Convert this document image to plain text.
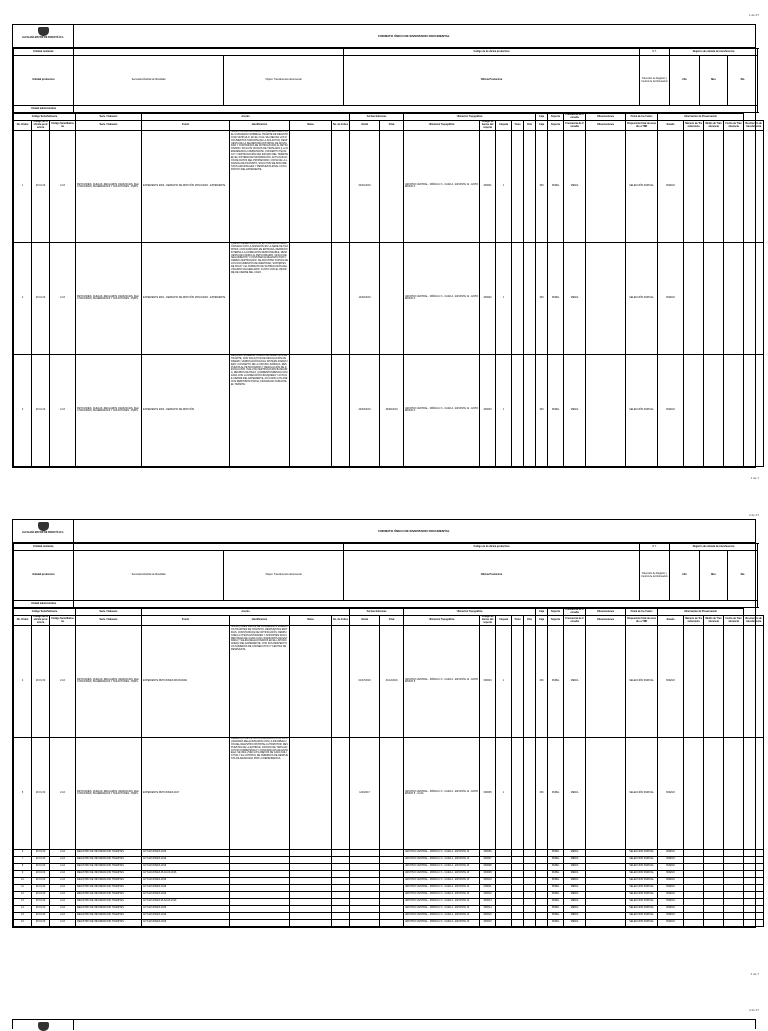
1 de 67
ALCALDÍA MAYOR DE BOGOTÁ D.C.	FORMATO ÚNICO DE INVENTARIO DOCUMENTAL
Entidad remitente			Código de la oficina productora	N.T.	Registro de entrada de transferencia			
Entidad productora	Secretaría Distrital de Movilidad	Objeto: Transferencia documental	Oficina Productora	Dirección de Registro y Control de la Información	Año	Mes	Día	
Unidad administrativa								
Código Serie/Subserie			Serie / Subserie	Asunto				Fechas Extremas		Ubicación Topográfica					Caja	Soporte	Frecuencia de Consulta	Observaciones	Firma de los Folios	Información de Preservación				
No. Orden	Código de la oficina productora	Código Serie/Subserie	Serie / Subserie	Fondo	Identificación	Notas	No. de Folios	Inicial	Final	Ubicación Topográfica	Código de barras del soporte	Carpeta	Tomo	Otro	Caja	Soporte	Frecuencia de Consulta	Observaciones	Disposición final de acuerdo a TRD	Estado	Número de Transferencia	Medio de Transferencia	Fecha de Transferencia	Resolución de transferencia
1	29 01 00	2-16	PETICIONES, QUEJAS, RECLAMOS, DENUNCIAS, FELICITACIONES, SUGERENCIAS Y SOLICITUDES - PQRS	EXPEDIENTE 0000 - DERECHO DE PETICIÓN MOVILIDAD - EXPEDIENTE	SOLICITUD DE INFORMACIÓN PRESENTADA POR EL CIUDADANO SOBRE EL TRÁMITE DE REGISTRO DE VEHÍCULO, EN EL CUAL SE ANEXAN LOS DOCUMENTOS SOPORTE DE LA SOLICITUD, RESPUESTA DE LA SECRETARÍA DISTRITAL DE MOVILIDAD Y CONSTANCIA DE NOTIFICACIÓN AL PETICIONARIO. INCLUYE OFICIOS DE TRASLADO A LA DEPENDENCIA COMPETENTE, CONCEPTO TÉCNICO Y CERTIFICACIÓN DEL ESTADO DEL TRÁMITE EN EL SISTEMA DE INFORMACIÓN, ACTUALIZACIÓN DE DATOS DEL PROPIETARIO, COPIA DE LA LICENCIA DE TRÁNSITO, SOLICITUD DE DOCUMENTOS ADICIONALES Y RESPUESTA FINAL CON ARCHIVO DEL EXPEDIENTE.			02/01/2019		ARCHIVO CENTRAL - MÓDULO 3 - CARA A - ESTANTE 12 - ENTREPAÑO 4	000001	1			345	PAPEL	MEDIA		SELECCIÓN PARCIAL	BUENO				
2	29 01 00	2-16	PETICIONES, QUEJAS, RECLAMOS, DENUNCIAS, FELICITACIONES, SUGERENCIAS Y SOLICITUDES - PQRS	EXPEDIENTE 0001 - DERECHO DE PETICIÓN MOVILIDAD - EXPEDIENTE	QUEJA PRESENTADA POR EL CIUDADANO RELACIONADA CON LA ATENCIÓN EN LA SEDE DE TRÁMITES, CON RADICADO DE ENTRADA, REMISIÓN INTERNA A LA DIRECCIÓN RESPONSABLE, RESPUESTA DE FONDO AL PETICIONARIO, OFICIO DE SEGUIMIENTO Y CONSTANCIA DE ENVÍO POR CORREO CERTIFICADO. SE ADJUNTAN COPIAS DE LOS DOCUMENTOS DE IDENTIDAD, SOPORTES DE PAGO Y EL FORMATO DE SATISFACCIÓN DEL USUARIO DILIGENCIADO, JUNTO CON EL INFORME DE CIERRE DEL CASO.			14/02/2019		ARCHIVO CENTRAL - MÓDULO 3 - CARA A - ESTANTE 12 - ENTREPAÑO 4	000002	1			345	PAPEL	MEDIA		SELECCIÓN PARCIAL	BUENO				
3	29 01 00	2-16	PETICIONES, QUEJAS, RECLAMOS, DENUNCIAS, FELICITACIONES, SUGERENCIAS Y SOLICITUDES - PQRS	EXPEDIENTE 0002 - DERECHO DE PETICIÓN	RECLAMO SOBRE EL COBRO DE DERECHOS DE TRÁMITE, CON SOLICITUD DE DEVOLUCIÓN DE DINERO, VERIFICACIÓN EN EL SISTEMA FINANCIERO, CONCEPTO DE LA OFICINA JURÍDICA, RESPUESTA AL PETICIONARIO Y RESOLUCIÓN DE DEVOLUCIÓN. INCLUYE CERTIFICACIÓN BANCARIA, RECIBOS DE PAGO, CORRESPONDENCIA CRUZADA CON LA DIRECCIÓN FINANCIERA Y ACTA DE CIERRE DEL EXPEDIENTE, ASÍ COMO LOS ANEXOS REMITIDOS POR EL CIUDADANO DURANTE EL TRÁMITE.			20/03/2019	30/06/2019	ARCHIVO CENTRAL - MÓDULO 3 - CARA A - ESTANTE 12 - ENTREPAÑO 4	000003	1			345	PAPEL	MEDIA		SELECCIÓN PARCIAL	BUENO				
1 de 7
2 de 67
ALCALDÍA MAYOR DE BOGOTÁ D.C.	FORMATO ÚNICO DE INVENTARIO DOCUMENTAL
Entidad remitente			Código de la oficina productora	N.T.	Registro de entrada de transferencia			
Entidad productora	Secretaría Distrital de Movilidad	Objeto: Transferencia documental	Oficina Productora	Dirección de Registro y Control de la Información	Año	Mes	Día	
Unidad administrativa								
Código Serie/Subserie			Serie / Subserie	Asunto				Fechas Extremas		Ubicación Topográfica					Caja	Soporte	Frecuencia de Consulta	Observaciones	Firma de los Folios	Información de Preservación				
No. Orden	Código de la oficina productora	Código Serie/Subserie	Serie / Subserie	Fondo	Identificación	Notas	No. de Folios	Inicial	Final	Ubicación Topográfica	Código de barras del soporte	Carpeta	Tomo	Otro	Caja	Soporte	Frecuencia de Consulta	Observaciones	Disposición final de acuerdo a TRD	Estado	Número de Transferencia	Medio de Transferencia	Fecha de Transferencia	Resolución de transferencia
4	29 01 00	2-16	PETICIONES, QUEJAS, RECLAMOS, DENUNCIAS, FELICITACIONES, SUGERENCIAS Y SOLICITUDES - PQRS	EXPEDIENTE PETICIONES MOVILIDAD	SOLICITUDES VARIAS DE CIUDADANOS SOBRE LOS TRÁMITES DE TRÁNSITO, RESPUESTAS EMITIDAS, CONSTANCIAS DE NOTIFICACIÓN, REMISIONES A OTRAS ENTIDADES Y SOPORTES DOCUMENTALES DE CADA CASO. RADICADOS DE ENTRADA Y SALIDA RELACIONADOS EN EL LISTADO ANEXO DEL EXPEDIENTE, CON SUS RESPECTIVOS NÚMEROS DE CONSECUTIVO Y FECHAS DE RESPUESTA.			01/07/2019	31/12/2019	ARCHIVO CENTRAL - MÓDULO 3 - CARA A - ESTANTE 12 - ENTREPAÑO 5	000004	1			346	PAPEL	MEDIA		SELECCIÓN PARCIAL	BUENO				
5	29 01 00	2-16	PETICIONES, QUEJAS, RECLAMOS, DENUNCIAS, FELICITACIONES, SUGERENCIAS Y SOLICITUDES - PQRS	EXPEDIENTE PETICIONES 2017	DERECHOS DE PETICIÓN RADICADOS POR LA CIUDADANÍA RELACIONADOS CON LA INFORMACIÓN DEL REGISTRO DISTRITAL AUTOMOTOR, RESPUESTAS DE LA ENTIDAD, OFICIOS DE TRASLADO POR COMPETENCIA Y CONSTANCIAS DE ENTREGA. SE INCLUYEN LOS ANEXOS DE CADA SOLICITUD Y EL CONTROL DE TÉRMINOS DE RESPUESTA DILIGENCIADO POR LA DEPENDENCIA.			1/02/2017		ARCHIVO CENTRAL - MÓDULO 3 - CARA A - ESTANTE 12 - ENTREPAÑO 5 - CAJA	000005	1			346	PAPEL	MEDIA		SELECCIÓN PARCIAL	BUENO				
6	29 01 00	2-16	REGISTRO DE INFORMACIÓN TRÁMITES	ACTUACIONES 2016						ARCHIVO CENTRAL - MÓDULO 3 - CARA A - ESTANTE 13	000006					PAPEL	MEDIA		SELECCIÓN PARCIAL	BUENO				
7	29 01 00	2-16	REGISTRO DE INFORMACIÓN TRÁMITES	ACTUACIONES 2016						ARCHIVO CENTRAL - MÓDULO 3 - CARA A - ESTANTE 13	000007					PAPEL	MEDIA		SELECCIÓN PARCIAL	BUENO				
8	29 01 00	2-16	REGISTRO DE INFORMACIÓN TRÁMITES	ACTUACIONES 2016						ARCHIVO CENTRAL - MÓDULO 3 - CARA A - ESTANTE 13	000008					PAPEL	MEDIA		SELECCIÓN PARCIAL	BUENO				
9	29 01 00	2-16	REGISTRO DE INFORMACIÓN TRÁMITES	ACTUACIONES PLACAS 2016						ARCHIVO CENTRAL - MÓDULO 3 - CARA A - ESTANTE 13	000009					PAPEL	MEDIA		SELECCIÓN PARCIAL	BUENO				
10	29 01 00	2-16	REGISTRO DE INFORMACIÓN TRÁMITES	ACTUACIONES 2016						ARCHIVO CENTRAL - MÓDULO 3 - CARA A - ESTANTE 13	000010					PAPEL	MEDIA		SELECCIÓN PARCIAL	BUENO				
11	29 01 00	2-16	REGISTRO DE INFORMACIÓN TRÁMITES	ACTUACIONES 2016						ARCHIVO CENTRAL - MÓDULO 3 - CARA A - ESTANTE 13	000011					PAPEL	MEDIA		SELECCIÓN PARCIAL	BUENO				
12	29 01 00	2-16	REGISTRO DE INFORMACIÓN TRÁMITES	ACTUACIONES 2016						ARCHIVO CENTRAL - MÓDULO 3 - CARA A - ESTANTE 13	000012					PAPEL	MEDIA		SELECCIÓN PARCIAL	BUENO				
13	29 01 00	2-16	REGISTRO DE INFORMACIÓN TRÁMITES	ACTUACIONES PLACAS 2016						ARCHIVO CENTRAL - MÓDULO 3 - CARA A - ESTANTE 13	000013					PAPEL	MEDIA		SELECCIÓN PARCIAL	BUENO				
14	29 01 00	2-16	REGISTRO DE INFORMACIÓN TRÁMITES	ACTUACIONES 2016						ARCHIVO CENTRAL - MÓDULO 3 - CARA A - ESTANTE 13	000014					PAPEL	MEDIA		SELECCIÓN PARCIAL	BUENO				
15	29 01 00	2-16	REGISTRO DE INFORMACIÓN TRÁMITES	ACTUACIONES 2016						ARCHIVO CENTRAL - MÓDULO 3 - CARA A - ESTANTE 13	000015					PAPEL	MEDIA		SELECCIÓN PARCIAL	BUENO				
16	29 01 00	2-16	REGISTRO DE INFORMACIÓN TRÁMITES	ACTUACIONES 2016						ARCHIVO CENTRAL - MÓDULO 3 - CARA A - ESTANTE 13	000016					PAPEL	MEDIA		SELECCIÓN PARCIAL	BUENO				
2 de 7
3 de 67
